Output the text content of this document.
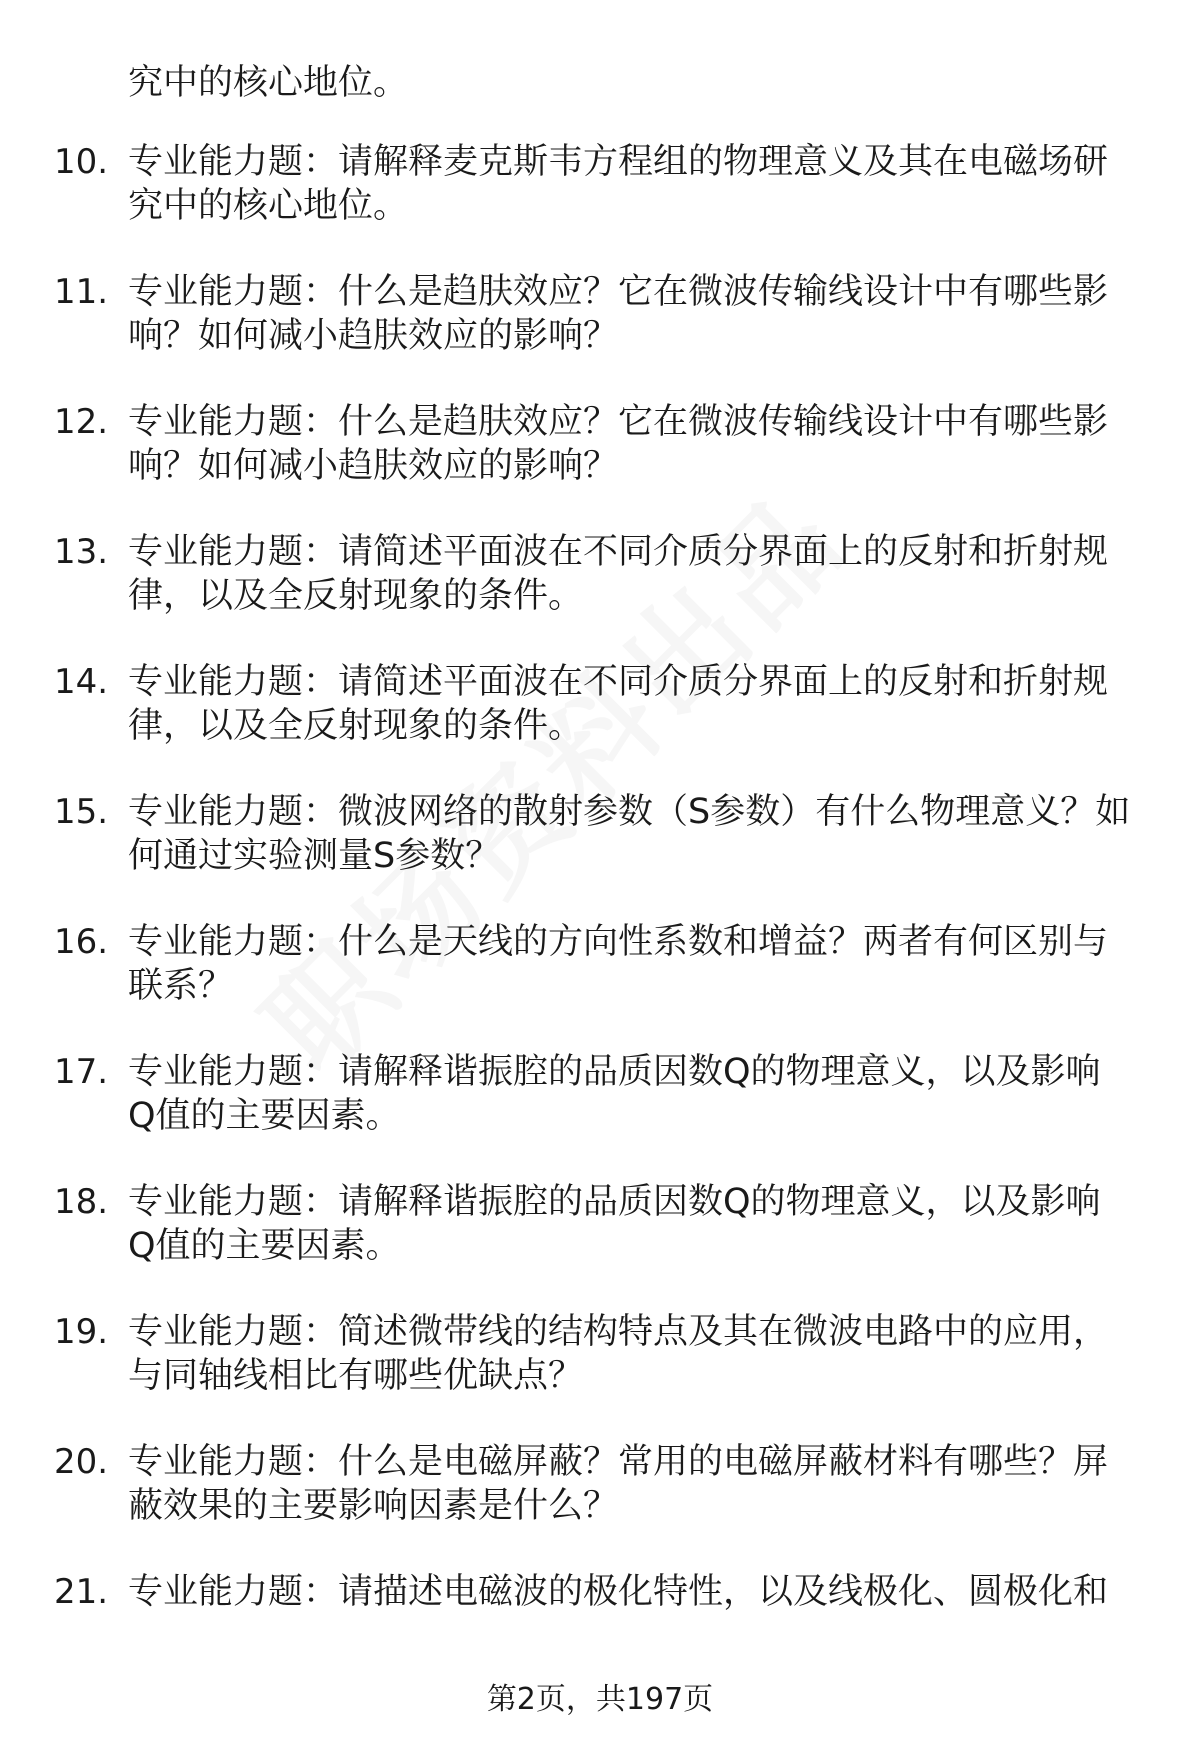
究中的核心地位。

10. 专业能力题：请解释麦克斯韦方程组的物理意义及其在电磁场研
究中的核心地位。
11. 专业能力题：什么是趋肤效应？它在微波传输线设计中有哪些影
响？如何减小趋肤效应的影响？
12. 专业能力题：什么是趋肤效应？它在微波传输线设计中有哪些影
响？如何减小趋肤效应的影响？
13. 专业能力题：请简述平面波在不同介质分界面上的反射和折射规
律，以及全反射现象的条件。
14. 专业能力题：请简述平面波在不同介质分界面上的反射和折射规
律，以及全反射现象的条件。
15. 专业能力题：微波网络的散射参数（S参数）有什么物理意义？如
何通过实验测量S参数？
16. 专业能力题：什么是天线的方向性系数和增益？两者有何区别与
联系？
17. 专业能力题：请解释谐振腔的品质因数Q的物理意义，以及影响
Q值的主要因素。
18. 专业能力题：请解释谐振腔的品质因数Q的物理意义，以及影响
Q值的主要因素。
19. 专业能力题：简述微带线的结构特点及其在微波电路中的应用，
与同轴线相比有哪些优缺点？
20. 专业能力题：什么是电磁屏蔽？常用的电磁屏蔽材料有哪些？屏
蔽效果的主要影响因素是什么？
21. 专业能力题：请描述电磁波的极化特性，以及线极化、圆极化和
第2页，共197页
